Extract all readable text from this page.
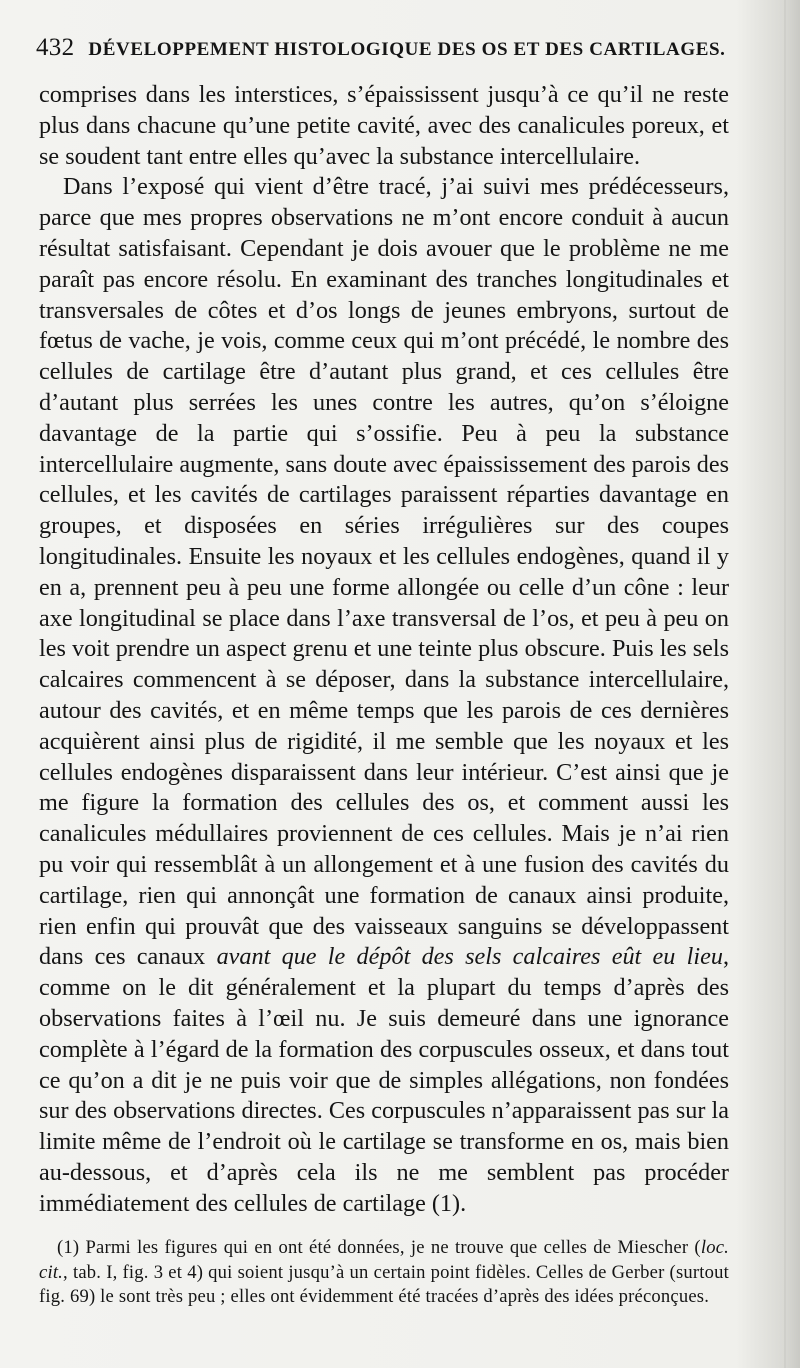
432 DÉVELOPPEMENT HISTOLOGIQUE DES OS ET DES CARTILAGES.

comprises dans les interstices, s’épaississent jusqu’à ce qu’il ne reste plus dans chacune qu’une petite cavité, avec des canalicules poreux, et se soudent tant entre elles qu’avec la substance intercellulaire.

Dans l’exposé qui vient d’être tracé, j’ai suivi mes prédécesseurs, parce que mes propres observations ne m’ont encore conduit à aucun résultat satisfaisant. Cependant je dois avouer que le problème ne me paraît pas encore résolu. En examinant des tranches longitudinales et transversales de côtes et d’os longs de jeunes embryons, surtout de fœtus de vache, je vois, comme ceux qui m’ont précédé, le nombre des cellules de cartilage être d’autant plus grand, et ces cellules être d’autant plus serrées les unes contre les autres, qu’on s’éloigne davantage de la partie qui s’ossifie. Peu à peu la substance intercellulaire augmente, sans doute avec épaississement des parois des cellules, et les cavités de cartilages paraissent réparties davantage en groupes, et disposées en séries irrégulières sur des coupes longitudinales. Ensuite les noyaux et les cellules endogènes, quand il y en a, prennent peu à peu une forme allongée ou celle d’un cône : leur axe longitudinal se place dans l’axe transversal de l’os, et peu à peu on les voit prendre un aspect grenu et une teinte plus obscure. Puis les sels calcaires commencent à se déposer, dans la substance intercellulaire, autour des cavités, et en même temps que les parois de ces dernières acquièrent ainsi plus de rigidité, il me semble que les noyaux et les cellules endogènes disparaissent dans leur intérieur. C’est ainsi que je me figure la formation des cellules des os, et comment aussi les canalicules médullaires proviennent de ces cellules. Mais je n’ai rien pu voir qui ressemblât à un allongement et à une fusion des cavités du cartilage, rien qui annonçât une formation de canaux ainsi produite, rien enfin qui prouvât que des vaisseaux sanguins se développassent dans ces canaux avant que le dépôt des sels calcaires eût eu lieu, comme on le dit généralement et la plupart du temps d’après des observations faites à l’œil nu. Je suis demeuré dans une ignorance complète à l’égard de la formation des corpuscules osseux, et dans tout ce qu’on a dit je ne puis voir que de simples allégations, non fondées sur des observations directes. Ces corpuscules n’apparaissent pas sur la limite même de l’endroit où le cartilage se transforme en os, mais bien au-dessous, et d’après cela ils ne me semblent pas procéder immédiatement des cellules de cartilage (1).

(1) Parmi les figures qui en ont été données, je ne trouve que celles de Miescher (loc. cit., tab. I, fig. 3 et 4) qui soient jusqu’à un certain point fidèles. Celles de Gerber (surtout fig. 69) le sont très peu ; elles ont évidemment été tracées d’après des idées préconçues.
